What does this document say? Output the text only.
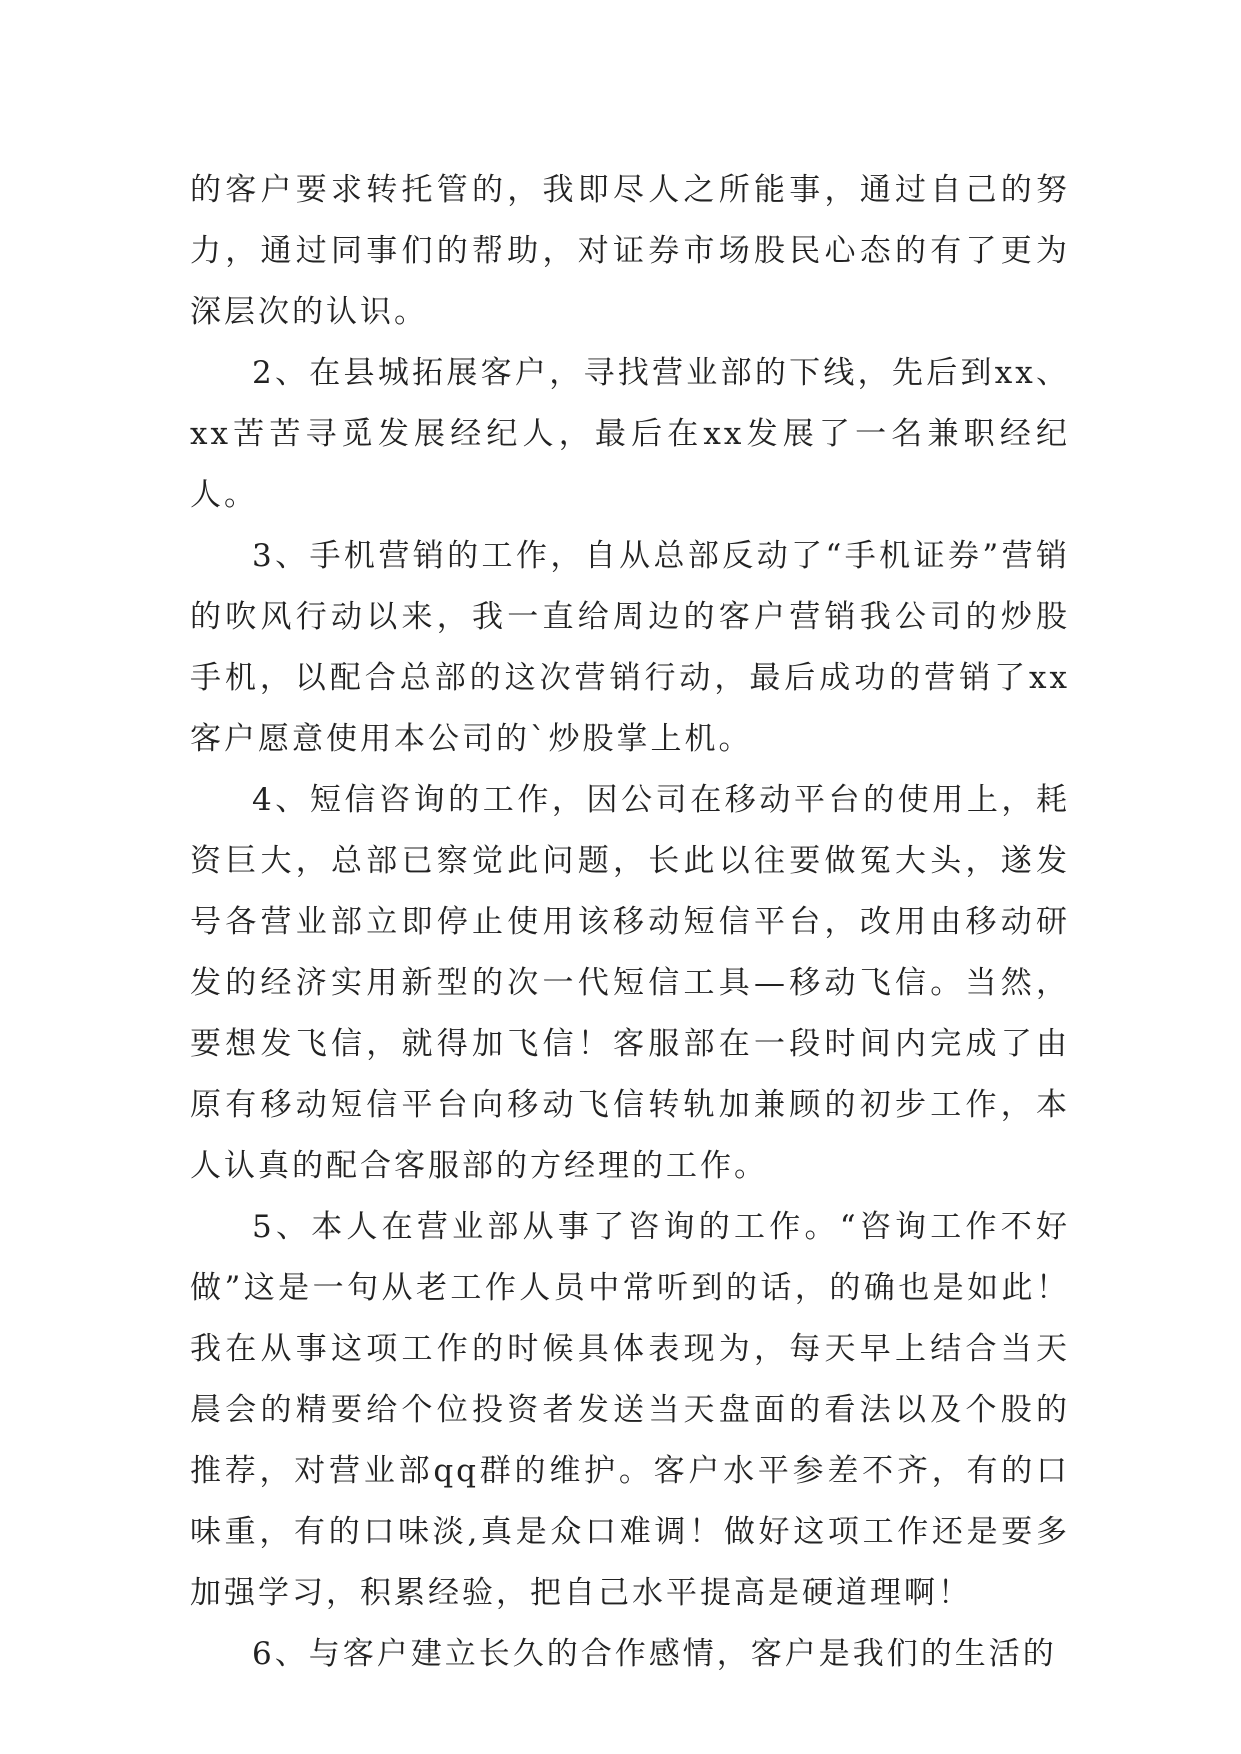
的客户要求转托管的，我即尽人之所能事，通过自己的努力，通过同事们的帮助，对证券市场股民心态的有了更为深层次的认识。

2、在县城拓展客户，寻找营业部的下线，先后到xx、xx苦苦寻觅发展经纪人，最后在xx发展了一名兼职经纪人。

3、手机营销的工作，自从总部反动了“手机证券”营销的吹风行动以来，我一直给周边的客户营销我公司的炒股手机，以配合总部的这次营销行动，最后成功的营销了xx客户愿意使用本公司的`炒股掌上机。

4、短信咨询的工作，因公司在移动平台的使用上，耗资巨大，总部已察觉此问题，长此以往要做冤大头，遂发号各营业部立即停止使用该移动短信平台，改用由移动研发的经济实用新型的次一代短信工具—移动飞信。当然，要想发飞信，就得加飞信！客服部在一段时间内完成了由原有移动短信平台向移动飞信转轨加兼顾的初步工作，本人认真的配合客服部的方经理的工作。

5、本人在营业部从事了咨询的工作。“咨询工作不好做”这是一句从老工作人员中常听到的话，的确也是如此！我在从事这项工作的时候具体表现为，每天早上结合当天晨会的精要给个位投资者发送当天盘面的看法以及个股的推荐，对营业部qq群的维护。客户水平参差不齐，有的口味重，有的口味淡,真是众口难调！做好这项工作还是要多加强学习，积累经验，把自己水平提高是硬道理啊！

6、与客户建立长久的合作感情，客户是我们的生活的
